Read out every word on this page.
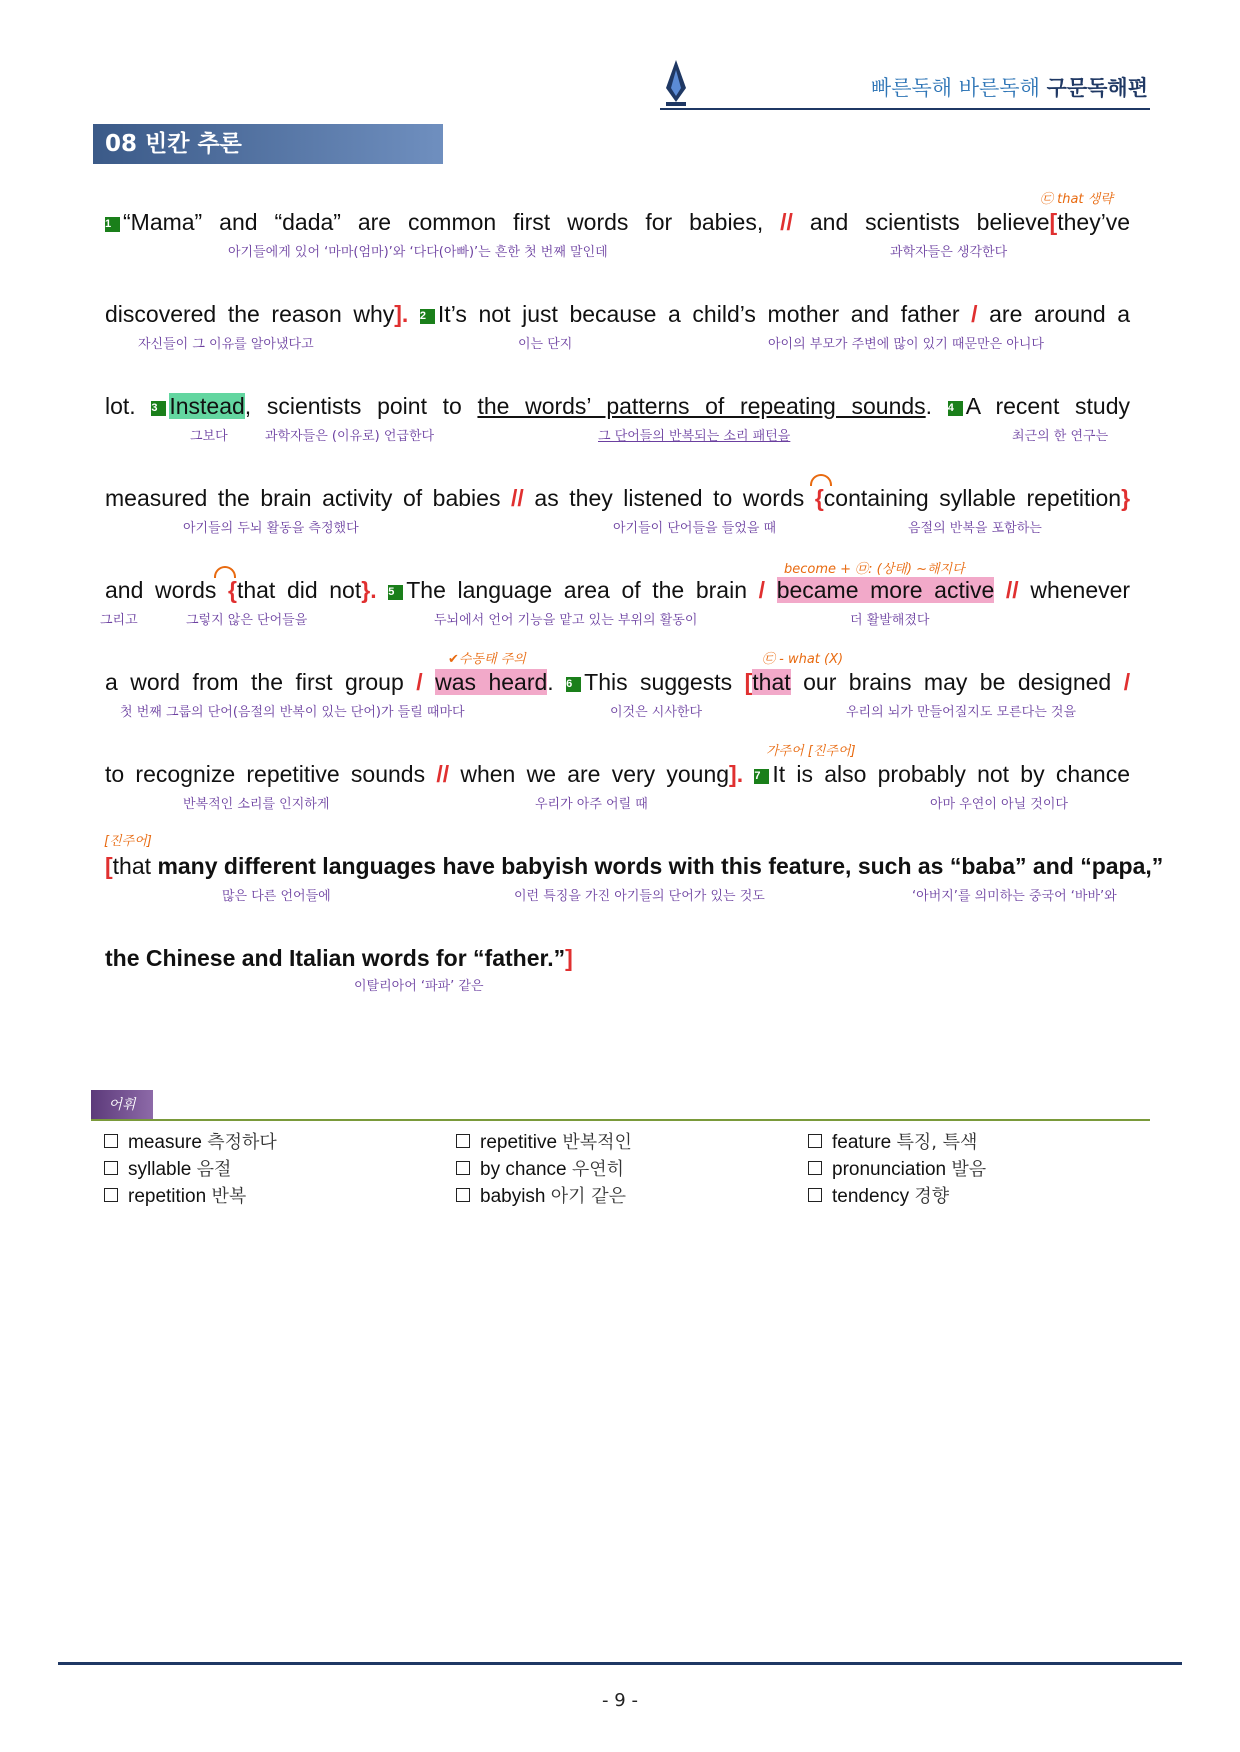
빠른독해 바른독해 구문독해편
08 빈칸 추론
1 “Mama” and “dada” are common first words for babies, // and scientists believe[they’ve
㉢ that 생략
아기들에게 있어 ‘마마(엄마)’와 ‘다다(아빠)’는 흔한 첫 번째 말인데	과학자들은 생각한다
discovered the reason why]. 2 It’s not just because a child’s mother and father / are around a
자신들이 그 이유를 알아냈다고	이는 단지	아이의 부모가 주변에 많이 있기 때문만은 아니다
lot. 3 Instead, scientists point to the words’ patterns of repeating sounds. 4 A recent study
그보다	과학자들은 (이유로) 언급한다	그 단어들의 반복되는 소리 패턴을	최근의 한 연구는
measured the brain activity of babies // as they listened to words {containing syllable repetition}
아기들의 두뇌 활동을 측정했다	아기들이 단어들을 들었을 때	음절의 반복을 포함하는
and words {that did not}. 5 The language area of the brain / became more active // whenever
become + ㉤: (상태) ~해지다
그리고	그렇지 않은 단어들을	두뇌에서 언어 기능을 맡고 있는 부위의 활동이	더 활발해졌다
a word from the first group / was heard. 6 This suggests [that our brains may be designed /
✔수동태 주의	㉢ - what (X)
첫 번째 그룹의 단어(음절의 반복이 있는 단어)가 들릴 때마다	이것은 시사한다	우리의 뇌가 만들어질지도 모른다는 것을
to recognize repetitive sounds // when we are very young]. 7 It is also probably not by chance
가주어 [진주어]
반복적인 소리를 인지하게	우리가 아주 어릴 때	아마 우연이 아닐 것이다
[진주어]
[that many different languages have babyish words with this feature, such as “baba” and “papa,”
많은 다른 언어들에	이런 특징을 가진 아기들의 단어가 있는 것도	‘아버지’를 의미하는 중국어 ‘바바’와
the Chinese and Italian words for “father.”]
이탈리아어 ‘파파’ 같은
어휘
measure 측정하다	repetitive 반복적인	feature 특징, 특색
syllable 음절	by chance 우연히	pronunciation 발음
repetition 반복	babyish 아기 같은	tendency 경향
- 9 -
